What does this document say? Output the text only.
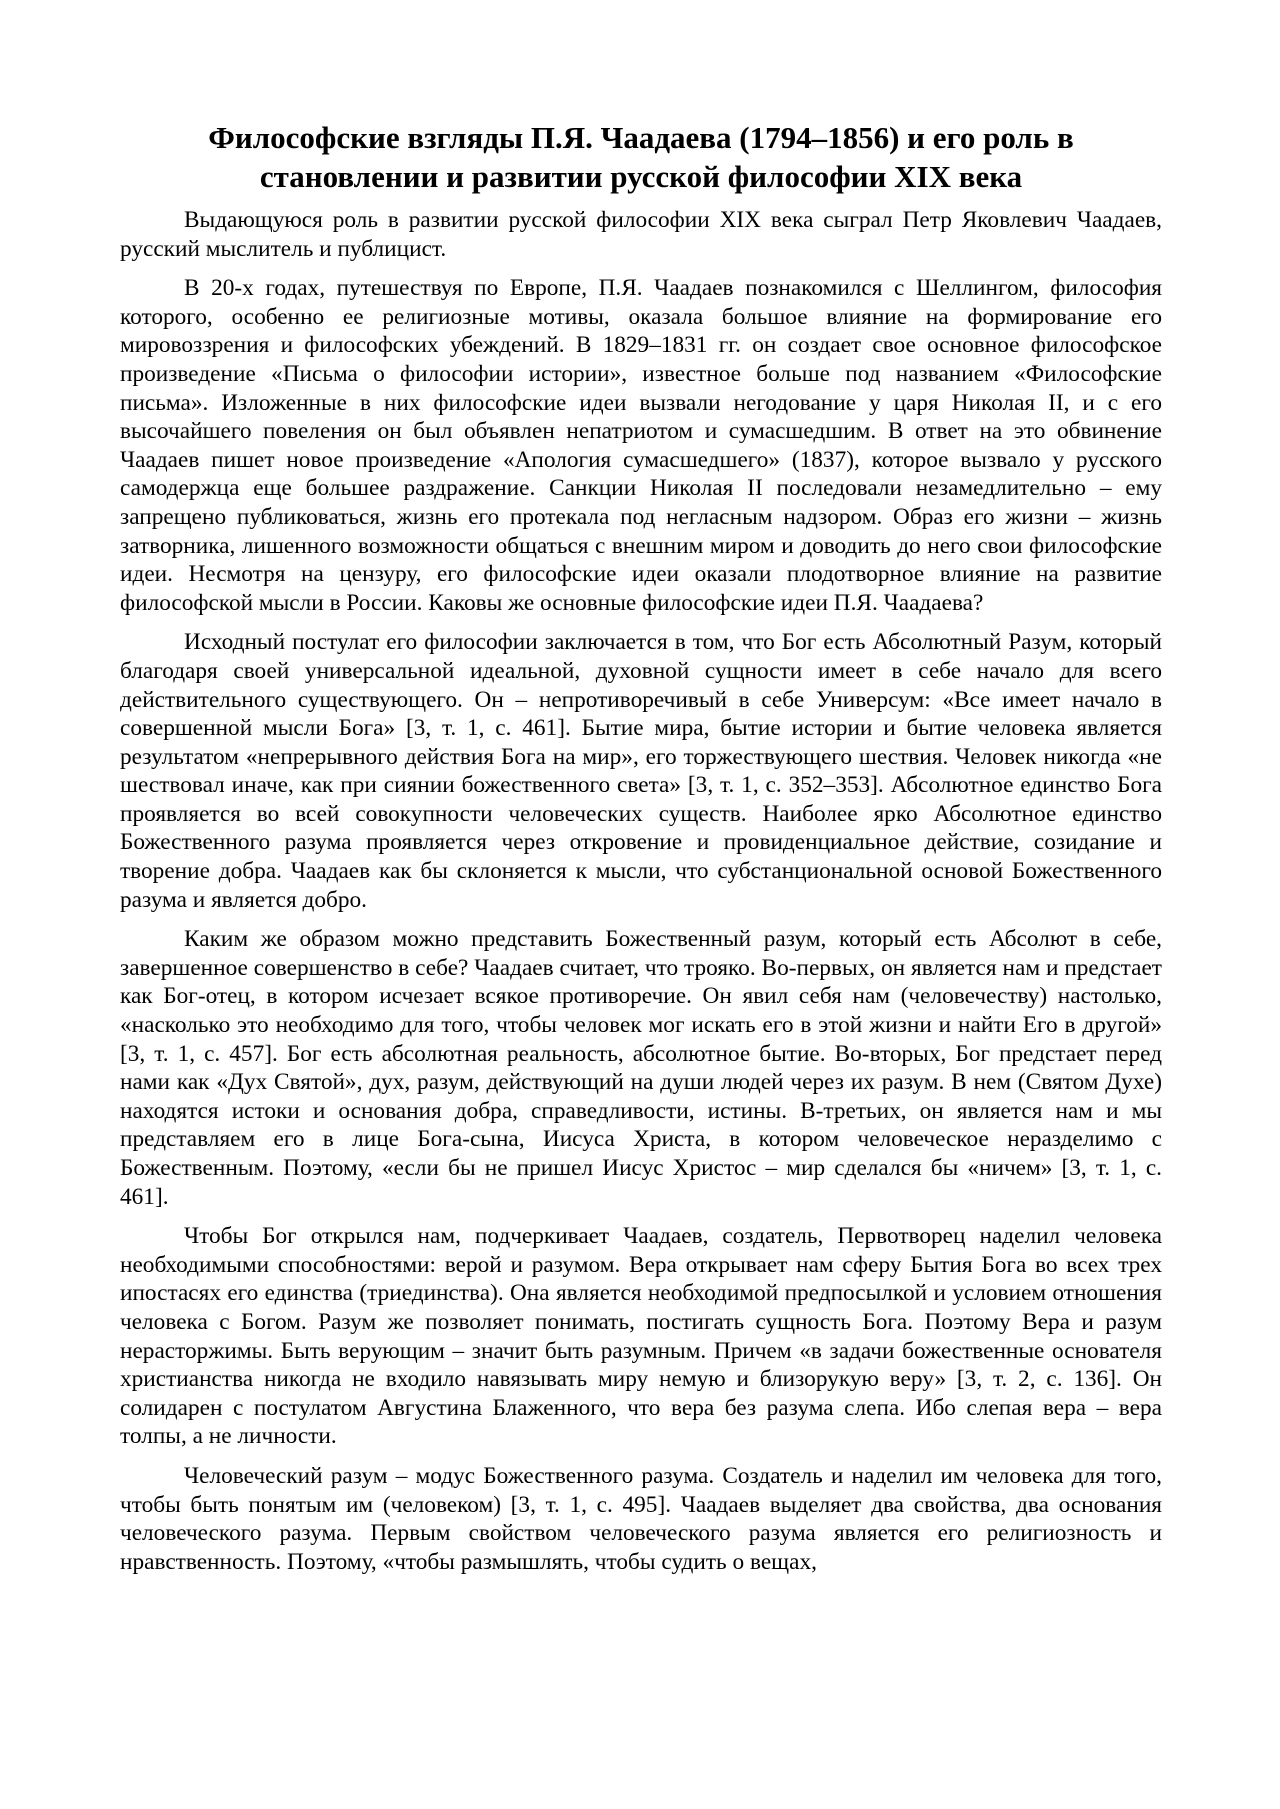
Философские взгляды П.Я. Чаадаева (1794–1856) и его роль в становлении и развитии русской философии XIX века

Выдающуюся роль в развитии русской философии XIX века сыграл Петр Яковлевич Чаадаев, русский мыслитель и публицист.

В 20-х годах, путешествуя по Европе, П.Я. Чаадаев познакомился с Шеллингом, философия которого, особенно ее религиозные мотивы, оказала большое влияние на формирование его мировоззрения и философских убеждений. В 1829–1831 гг. он создает свое основное философское произведение «Письма о философии истории», известное больше под названием «Философские письма». Изложенные в них философские идеи вызвали негодование у царя Николая II, и с его высочайшего повеления он был объявлен непатриотом и сумасшедшим. В ответ на это обвинение Чаадаев пишет новое произведение «Апология сумасшедшего» (1837), которое вызвало у русского самодержца еще большее раздражение. Санкции Николая II последовали незамедлительно – ему запрещено публиковаться, жизнь его протекала под негласным надзором. Образ его жизни – жизнь затворника, лишенного возможности общаться с внешним миром и доводить до него свои философские идеи. Несмотря на цензуру, его философские идеи оказали плодотворное влияние на развитие философской мысли в России. Каковы же основные философские идеи П.Я. Чаадаева?

Исходный постулат его философии заключается в том, что Бог есть Абсолютный Разум, который благодаря своей универсальной идеальной, духовной сущности имеет в себе начало для всего действительного существующего. Он – непротиворечивый в себе Универсум: «Все имеет начало в совершенной мысли Бога» [3, т. 1, с. 461]. Бытие мира, бытие истории и бытие человека является результатом «непрерывного действия Бога на мир», его торжествующего шествия. Человек никогда «не шествовал иначе, как при сиянии божественного света» [3, т. 1, с. 352–353]. Абсолютное единство Бога проявляется во всей совокупности человеческих существ. Наиболее ярко Абсолютное единство Божественного разума проявляется через откровение и провиденциальное действие, созидание и творение добра. Чаадаев как бы склоняется к мысли, что субстанциональной основой Божественного разума и является добро.

Каким же образом можно представить Божественный разум, который есть Абсолют в себе, завершенное совершенство в себе? Чаадаев считает, что трояко. Во-первых, он является нам и предстает как Бог-отец, в котором исчезает всякое противоречие. Он явил себя нам (человечеству) настолько, «насколько это необходимо для того, чтобы человек мог искать его в этой жизни и найти Его в другой» [3, т. 1, с. 457]. Бог есть абсолютная реальность, абсолютное бытие. Во-вторых, Бог предстает перед нами как «Дух Святой», дух, разум, действующий на души людей через их разум. В нем (Святом Духе) находятся истоки и основания добра, справедливости, истины. В-третьих, он является нам и мы представляем его в лице Бога-сына, Иисуса Христа, в котором человеческое неразделимо с Божественным. Поэтому, «если бы не пришел Иисус Христос – мир сделался бы «ничем» [3, т. 1, с. 461].

Чтобы Бог открылся нам, подчеркивает Чаадаев, создатель, Первотворец наделил человека необходимыми способностями: верой и разумом. Вера открывает нам сферу Бытия Бога во всех трех ипостасях его единства (триединства). Она является необходимой предпосылкой и условием отношения человека с Богом. Разум же позволяет понимать, постигать сущность Бога. Поэтому Вера и разум нерасторжимы. Быть верующим – значит быть разумным. Причем «в задачи божественные основателя христианства никогда не входило навязывать миру немую и близорукую веру» [3, т. 2, с. 136]. Он солидарен с постулатом Августина Блаженного, что вера без разума слепа. Ибо слепая вера – вера толпы, а не личности.

Человеческий разум – модус Божественного разума. Создатель и наделил им человека для того, чтобы быть понятым им (человеком) [3, т. 1, с. 495]. Чаадаев выделяет два свойства, два основания человеческого разума. Первым свойством человеческого разума является его религиозность и нравственность. Поэтому, «чтобы размышлять, чтобы судить о вещах,
